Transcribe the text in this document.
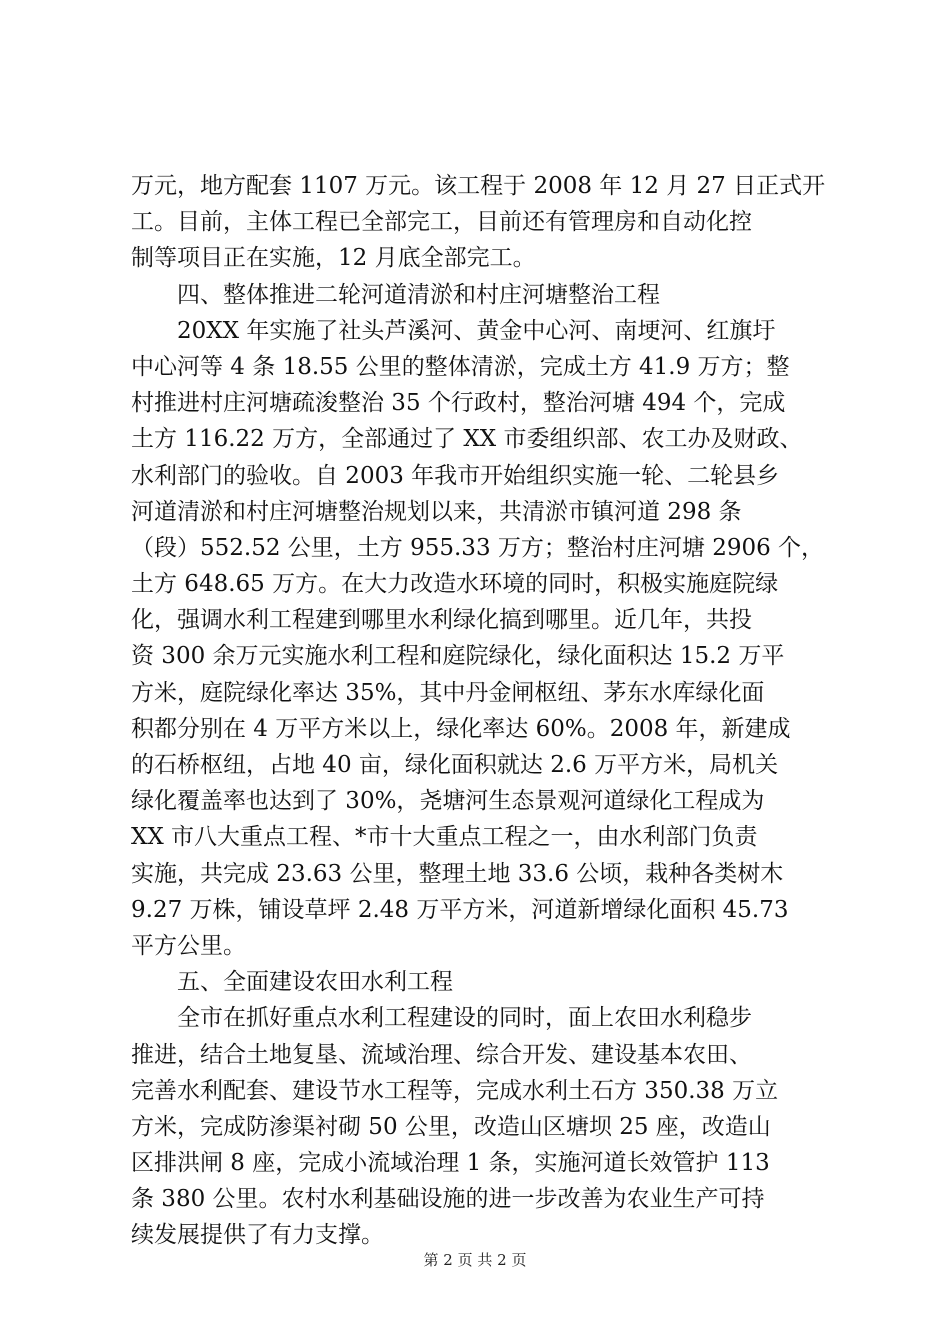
万元，地方配套 1107 万元。该工程于 2008 年 12 月 27 日正式开
工。目前，主体工程已全部完工，目前还有管理房和自动化控
制等项目正在实施，12 月底全部完工。
　　四、整体推进二轮河道清淤和村庄河塘整治工程
　　20XX 年实施了社头芦溪河、黄金中心河、南埂河、红旗圩
中心河等 4 条 18.55 公里的整体清淤，完成土方 41.9 万方；整
村推进村庄河塘疏浚整治 35 个行政村，整治河塘 494 个，完成
土方 116.22 万方，全部通过了 XX 市委组织部、农工办及财政、
水利部门的验收。自 2003 年我市开始组织实施一轮、二轮县乡
河道清淤和村庄河塘整治规划以来，共清淤市镇河道 298 条
（段）552.52 公里，土方 955.33 万方；整治村庄河塘 2906 个，
土方 648.65 万方。在大力改造水环境的同时，积极实施庭院绿
化，强调水利工程建到哪里水利绿化搞到哪里。近几年，共投
资 300 余万元实施水利工程和庭院绿化，绿化面积达 15.2 万平
方米，庭院绿化率达 35%，其中丹金闸枢纽、茅东水库绿化面
积都分别在 4 万平方米以上，绿化率达 60%。2008 年，新建成
的石桥枢纽，占地 40 亩，绿化面积就达 2.6 万平方米，局机关
绿化覆盖率也达到了 30%，尧塘河生态景观河道绿化工程成为
XX 市八大重点工程、*市十大重点工程之一，由水利部门负责
实施，共完成 23.63 公里，整理土地 33.6 公顷，栽种各类树木
9.27 万株，铺设草坪 2.48 万平方米，河道新增绿化面积 45.73
平方公里。
　　五、全面建设农田水利工程
　　全市在抓好重点水利工程建设的同时，面上农田水利稳步
推进，结合土地复垦、流域治理、综合开发、建设基本农田、
完善水利配套、建设节水工程等，完成水利土石方 350.38 万立
方米，完成防渗渠衬砌 50 公里，改造山区塘坝 25 座，改造山
区排洪闸 8 座，完成小流域治理 1 条，实施河道长效管护 113
条 380 公里。农村水利基础设施的进一步改善为农业生产可持
续发展提供了有力支撑。
第 2 页 共 2 页
